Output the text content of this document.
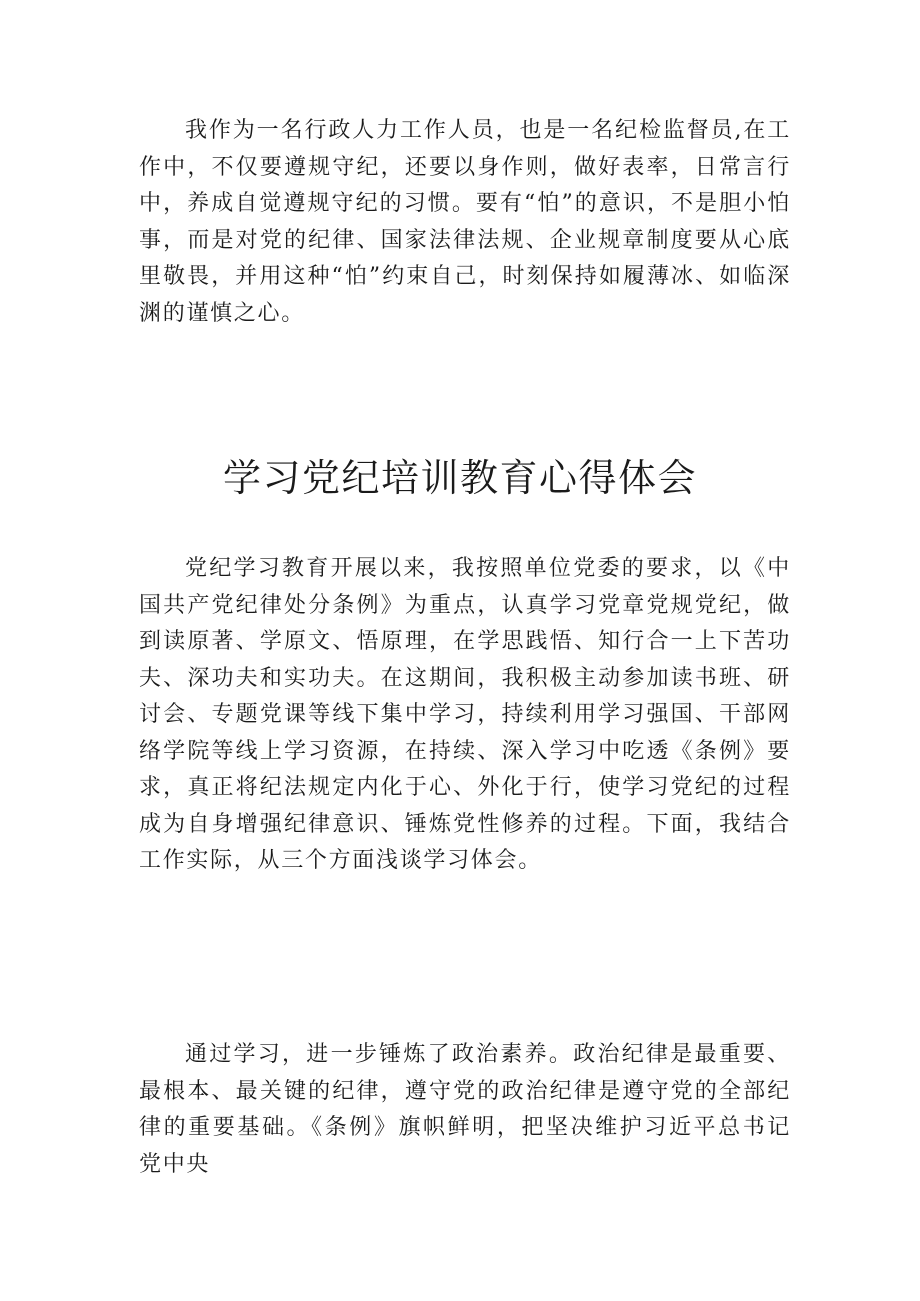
我作为一名行政人力工作人员，也是一名纪检监督员,在工作中，不仅要遵规守纪，还要以身作则，做好表率，日常言行中，养成自觉遵规守纪的习惯。要有“怕”的意识，不是胆小怕事，而是对党的纪律、国家法律法规、企业规章制度要从心底里敬畏，并用这种“怕”约束自己，时刻保持如履薄冰、如临深渊的谨慎之心。

学习党纪培训教育心得体会

党纪学习教育开展以来，我按照单位党委的要求，以《中国共产党纪律处分条例》为重点，认真学习党章党规党纪，做到读原著、学原文、悟原理，在学思践悟、知行合一上下苦功夫、深功夫和实功夫。在这期间，我积极主动参加读书班、研讨会、专题党课等线下集中学习，持续利用学习强国、干部网络学院等线上学习资源，在持续、深入学习中吃透《条例》要求，真正将纪法规定内化于心、外化于行，使学习党纪的过程成为自身增强纪律意识、锤炼党性修养的过程。下面，我结合工作实际，从三个方面浅谈学习体会。

通过学习，进一步锤炼了政治素养。政治纪律是最重要、最根本、最关键的纪律，遵守党的政治纪律是遵守党的全部纪律的重要基础。《条例》旗帜鲜明，把坚决维护习近平总书记党中央
